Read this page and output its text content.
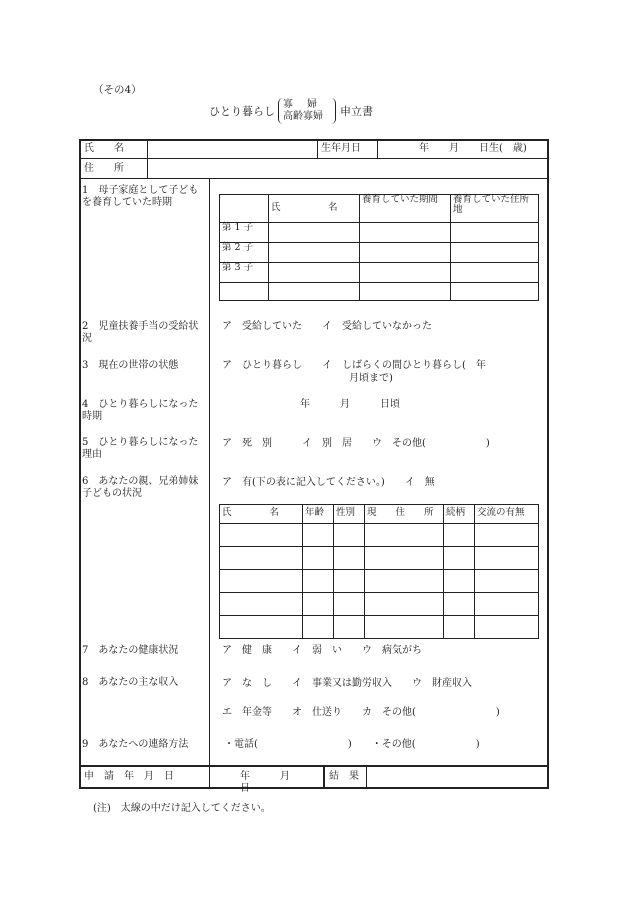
（その4）
ひとり暮らし
寡婦
高齢寡婦	申立書
氏　　名	生年月日	年　　月　　日生(　歳)
住　　所
1　母子家庭として子どもを養育していた時期
		氏　　　　　名	養育していた期間	養育していた住所地
第 1 子			
第 2 子			
第 3 子			

2　児童扶養手当の受給状況
ア　受給していた　　イ　受給していなかった
3　現在の世帯の状態	ア　ひとり暮らし　　イ　しばらくの間ひとり暮らし(　年
月頃まで)
4　ひとり暮らしになった時期
年　　　月　　　日頃
5　ひとり暮らしになった理由
ア　死　別　　　イ　別　居　　ウ　その他(　　　　　　)
6　あなたの親、兄弟姉妹子どもの状況
ア　有(下の表に記入してください。)　　イ　無
氏　　　　名	年齢	性別	現　　住　　所	続柄	交流の有無

7　あなたの健康状況	ア　健　康　　イ　弱　い　　ウ　病気がち
8　あなたの主な収入	ア　な　し　　イ　事業又は勤労収入　　ウ　財産収入
エ　年金等　　オ　仕送り　　カ　その他(　　　　　　　　)
9　あなたへの連絡方法	・電話(　　　　　　　　　)　　・その他(　　　　　　)
申　請　年　月　日	年　　　月　　　日
結　果
(注)　太線の中だけ記入してください。
